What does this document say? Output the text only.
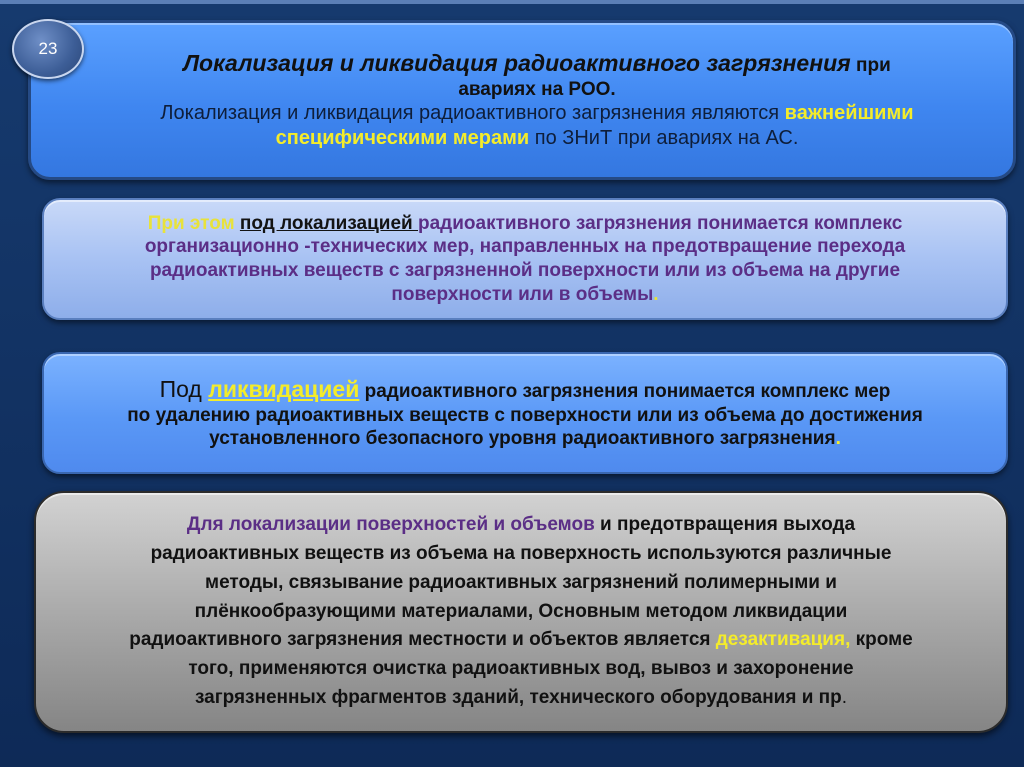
23
Локализация и ликвидация радиоактивного загрязнения при
авариях на РОО.
Локализация и ликвидация радиоактивного загрязнения являются важнейшими
специфическими мерами по ЗНиТ при авариях на АС.
При этом под локализацией радиоактивного загрязнения понимается комплекс
организационно -технических мер, направленных на предотвращение перехода
радиоактивных веществ с загрязненной поверхности или из объема на другие
поверхности или в объемы.
Под ликвидацией радиоактивного загрязнения понимается комплекс мер
по удалению радиоактивных веществ с поверхности или из объема до достижения
установленного безопасного уровня радиоактивного загрязнения.
Для локализации поверхностей и объемов и предотвращения выхода
радиоактивных веществ из объема на поверхность используются различные
методы, связывание радиоактивных загрязнений полимерными и
плёнкообразующими материалами, Основным методом ликвидации
радиоактивного загрязнения местности и объектов является дезактивация, кроме
того, применяются очистка радиоактивных вод, вывоз и захоронение
загрязненных фрагментов зданий, технического оборудования и пр.
